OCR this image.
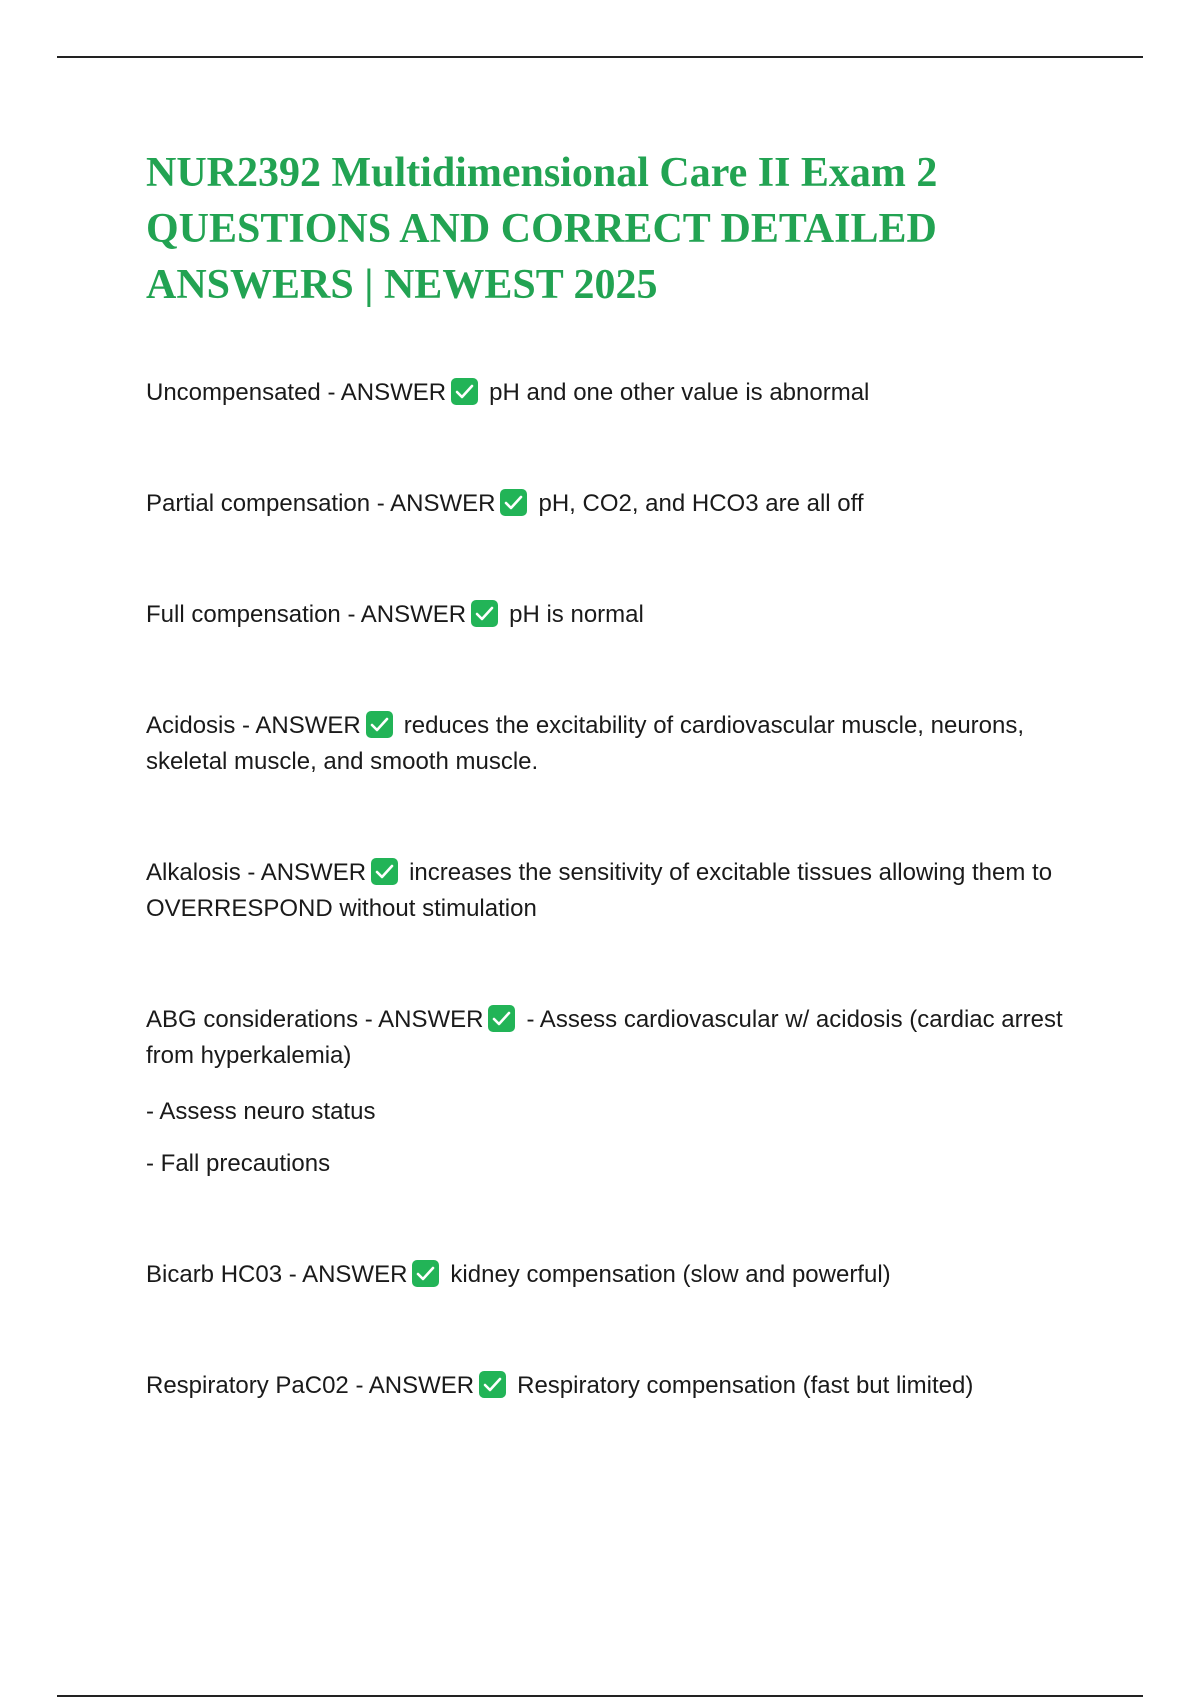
NUR2392 Multidimensional Care II Exam 2 QUESTIONS AND CORRECT DETAILED ANSWERS | NEWEST 2025

Uncompensated - ANSWER pH and one other value is abnormal

Partial compensation - ANSWER pH, CO2, and HCO3 are all off

Full compensation - ANSWER pH is normal

Acidosis - ANSWER reduces the excitability of cardiovascular muscle, neurons, skeletal muscle, and smooth muscle.

Alkalosis - ANSWER increases the sensitivity of excitable tissues allowing them to OVERRESPOND without stimulation

ABG considerations - ANSWER - Assess cardiovascular w/ acidosis (cardiac arrest from hyperkalemia)

- Assess neuro status

- Fall precautions

Bicarb HC03 - ANSWER kidney compensation (slow and powerful)

Respiratory PaC02 - ANSWER Respiratory compensation (fast but limited)
